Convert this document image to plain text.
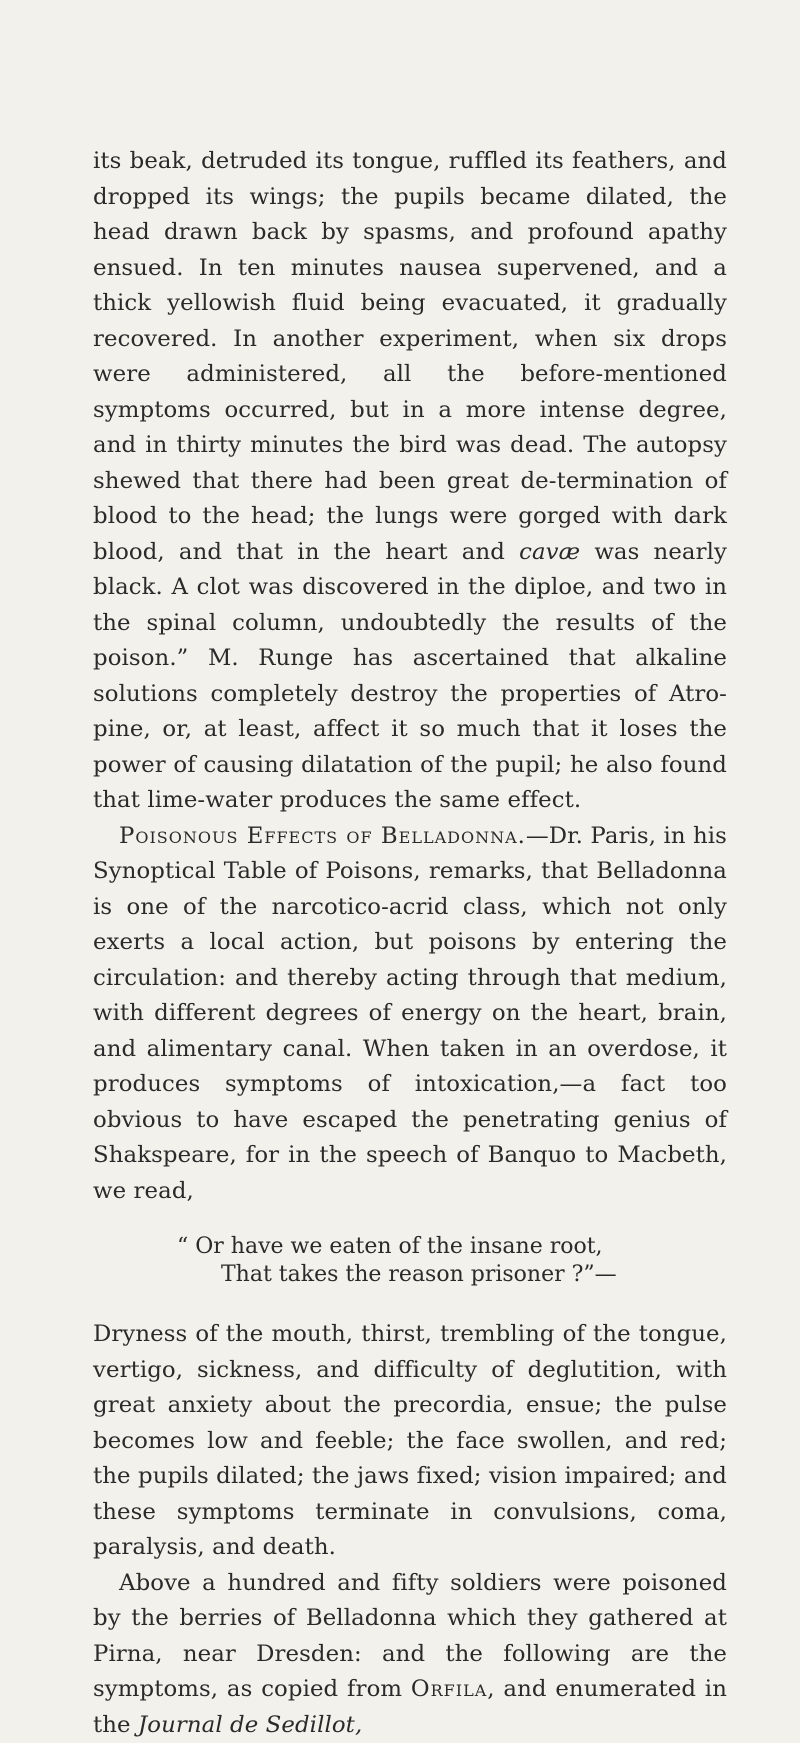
its beak, detruded its tongue, ruffled its feathers, and dropped its wings; the pupils became dilated, the head drawn back by spasms, and profound apathy ensued. In ten minutes nausea supervened, and a thick yellowish fluid being evacuated, it gradually recovered. In another experiment, when six drops were administered, all the before-mentioned symptoms occurred, but in a more intense degree, and in thirty minutes the bird was dead. The autopsy shewed that there had been great de-termination of blood to the head; the lungs were gorged with dark blood, and that in the heart and cavæ was nearly black. A clot was discovered in the diploe, and two in the spinal column, undoubtedly the results of the poison.” M. Runge has ascertained that alkaline solutions completely destroy the properties of Atro-pine, or, at least, affect it so much that it loses the power of causing dilatation of the pupil; he also found that lime-water produces the same effect.

Poisonous Effects of Belladonna.—Dr. Paris, in his Synoptical Table of Poisons, remarks, that Belladonna is one of the narcotico-acrid class, which not only exerts a local action, but poisons by entering the circulation: and thereby acting through that medium, with different degrees of energy on the heart, brain, and alimentary canal. When taken in an overdose, it produces symptoms of intoxication,—a fact too obvious to have escaped the penetrating genius of Shakspeare, for in the speech of Banquo to Macbeth, we read,

“ Or have we eaten of the insane root,
That takes the reason prisoner ?”—

Dryness of the mouth, thirst, trembling of the tongue, vertigo, sickness, and difficulty of deglutition, with great anxiety about the precordia, ensue; the pulse becomes low and feeble; the face swollen, and red; the pupils dilated; the jaws fixed; vision impaired; and these symptoms terminate in convulsions, coma, paralysis, and death.

Above a hundred and fifty soldiers were poisoned by the berries of Belladonna which they gathered at Pirna, near Dresden: and the following are the symptoms, as copied from Orfila, and enumerated in the Journal de Sedillot,
